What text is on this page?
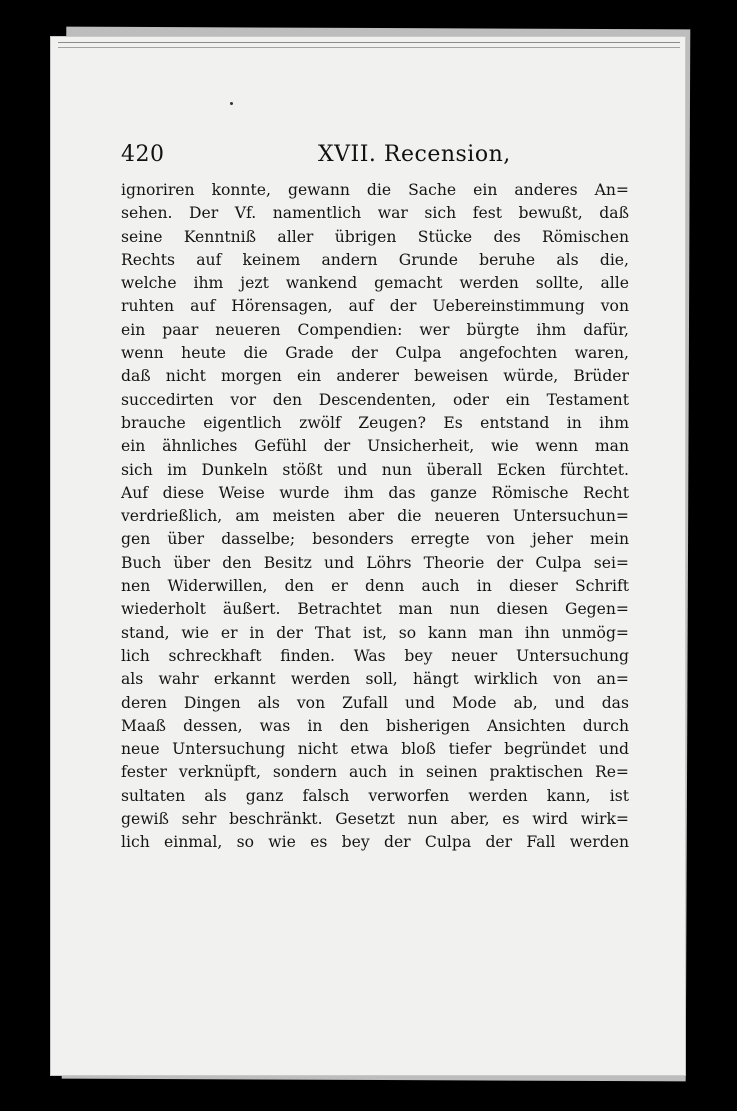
420	XVII. Recension,
ignoriren konnte, gewann die Sache ein anderes An=
sehen. Der Vf. namentlich war sich fest bewußt, daß
seine Kenntniß aller übrigen Stücke des Römischen
Rechts auf keinem andern Grunde beruhe als die,
welche ihm jezt wankend gemacht werden sollte, alle
ruhten auf Hörensagen, auf der Uebereinstimmung von
ein paar neueren Compendien: wer bürgte ihm dafür,
wenn heute die Grade der Culpa angefochten waren,
daß nicht morgen ein anderer beweisen würde, Brüder
succedirten vor den Descendenten, oder ein Testament
brauche eigentlich zwölf Zeugen? Es entstand in ihm
ein ähnliches Gefühl der Unsicherheit, wie wenn man
sich im Dunkeln stößt und nun überall Ecken fürchtet.
Auf diese Weise wurde ihm das ganze Römische Recht
verdrießlich, am meisten aber die neueren Untersuchun=
gen über dasselbe; besonders erregte von jeher mein
Buch über den Besitz und Löhrs Theorie der Culpa sei=
nen Widerwillen, den er denn auch in dieser Schrift
wiederholt äußert. Betrachtet man nun diesen Gegen=
stand, wie er in der That ist, so kann man ihn unmög=
lich schreckhaft finden. Was bey neuer Untersuchung
als wahr erkannt werden soll, hängt wirklich von an=
deren Dingen als von Zufall und Mode ab, und das
Maaß dessen, was in den bisherigen Ansichten durch
neue Untersuchung nicht etwa bloß tiefer begründet und
fester verknüpft, sondern auch in seinen praktischen Re=
sultaten als ganz falsch verworfen werden kann, ist
gewiß sehr beschränkt. Gesetzt nun aber, es wird wirk=
lich einmal, so wie es bey der Culpa der Fall werden
